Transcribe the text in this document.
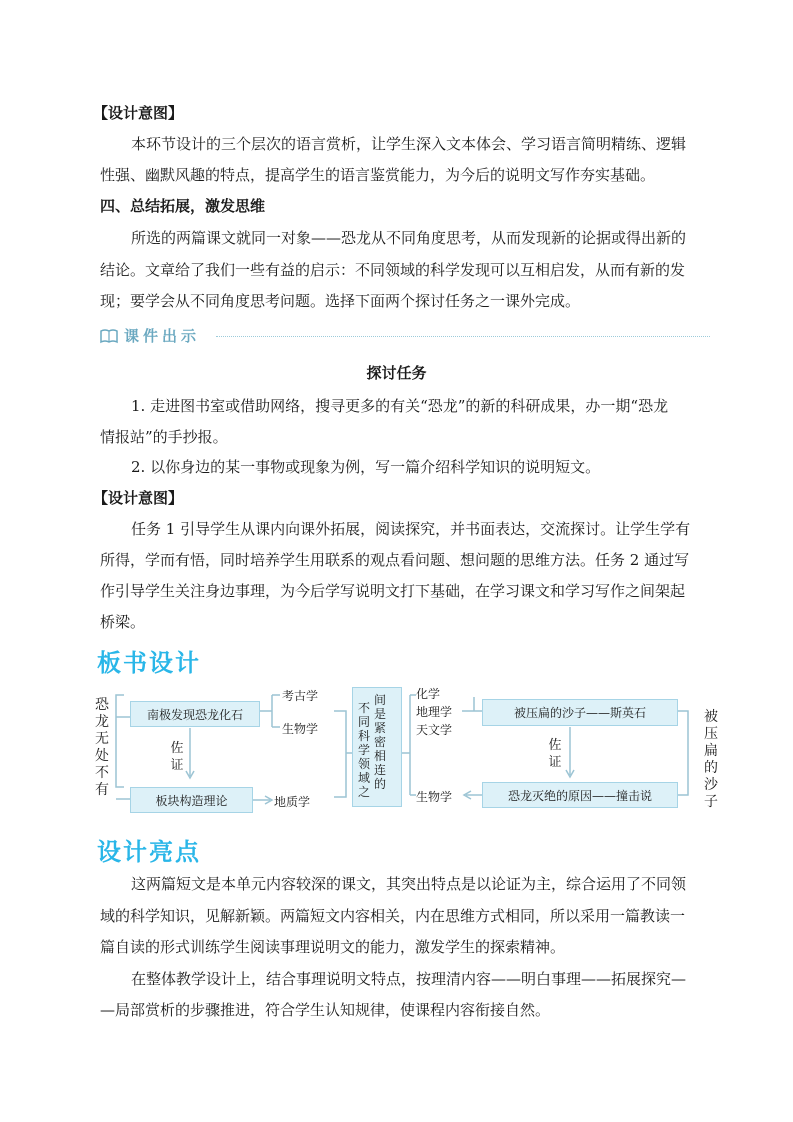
【设计意图】
本环节设计的三个层次的语言赏析，让学生深入文本体会、学习语言简明精练、逻辑
性强、幽默风趣的特点，提高学生的语言鉴赏能力，为今后的说明文写作夯实基础。
四、总结拓展，激发思维
所选的两篇课文就同一对象——恐龙从不同角度思考，从而发现新的论据或得出新的
结论。文章给了我们一些有益的启示：不同领域的科学发现可以互相启发，从而有新的发
现；要学会从不同角度思考问题。选择下面两个探讨任务之一课外完成。
课件出示
探讨任务
1. 走进图书室或借助网络，搜寻更多的有关“恐龙”的新的科研成果，办一期“恐龙
情报站”的手抄报。
2. 以你身边的某一事物或现象为例，写一篇介绍科学知识的说明短文。
【设计意图】
任务 1 引导学生从课内向课外拓展，阅读探究，并书面表达，交流探讨。让学生学有
所得，学而有悟，同时培养学生用联系的观点看问题、想问题的思维方法。任务 2 通过写
作引导学生关注身边事理，为今后学写说明文打下基础，在学习课文和学习写作之间架起
桥梁。
板书设计
恐
龙
无
处
不
有
南极发现恐龙化石
板块构造理论
佐
证
考古学
生物学
地质学
不
同
科
学
领
域
之
间
是
紧
密
相
连
的
化学
地理学
天文学
被压扁的沙子——斯英石
佐
证
恐龙灭绝的原因——撞击说
生物学
被
压
扁
的
沙
子
设计亮点
这两篇短文是本单元内容较深的课文，其突出特点是以论证为主，综合运用了不同领
域的科学知识，见解新颖。两篇短文内容相关，内在思维方式相同，所以采用一篇教读一
篇自读的形式训练学生阅读事理说明文的能力，激发学生的探索精神。
在整体教学设计上，结合事理说明文特点，按理清内容——明白事理——拓展探究—
—局部赏析的步骤推进，符合学生认知规律，使课程内容衔接自然。
